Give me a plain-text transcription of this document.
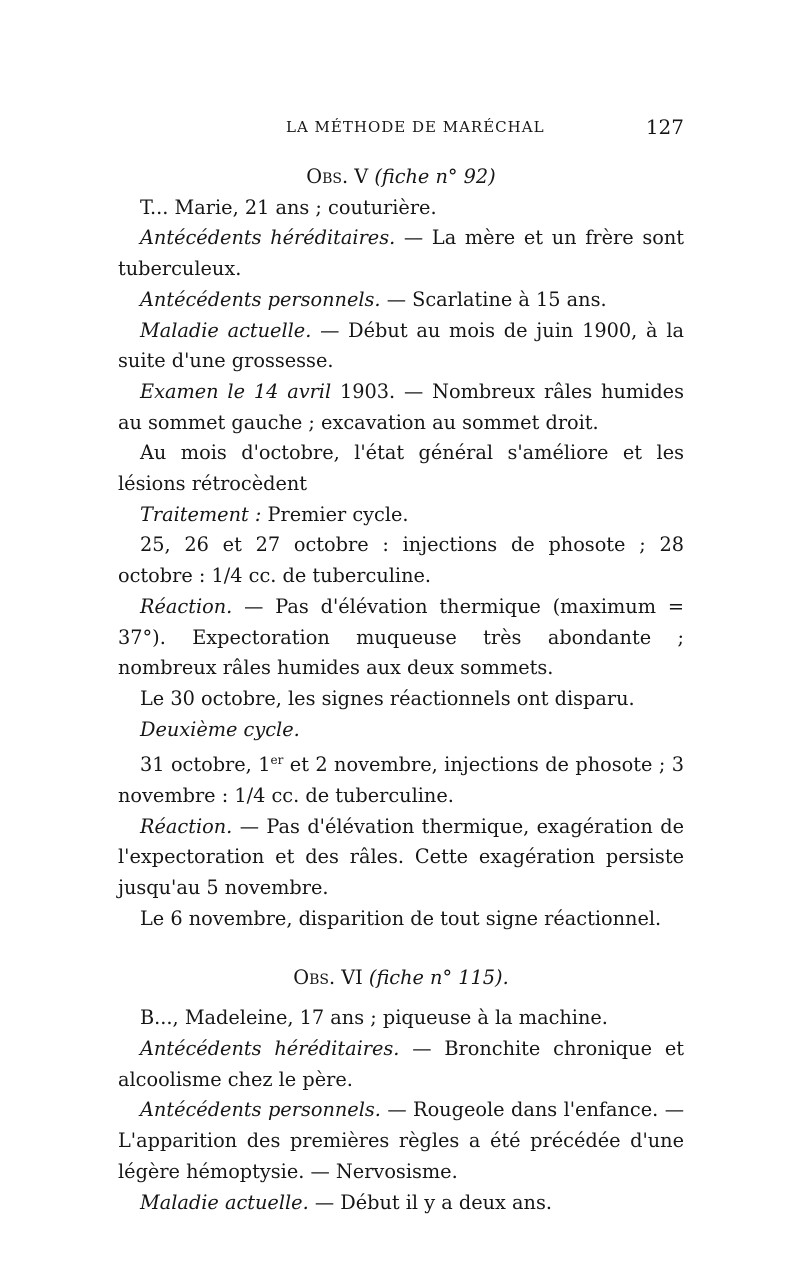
LA MÉTHODE DE MARÉCHAL	127

Obs. V (fiche n° 92)

T... Marie, 21 ans ; couturière.

Antécédents héréditaires. — La mère et un frère sont tuberculeux.

Antécédents personnels. — Scarlatine à 15 ans.

Maladie actuelle. — Début au mois de juin 1900, à la suite d'une grossesse.

Examen le 14 avril 1903. — Nombreux râles humides au sommet gauche ; excavation au sommet droit.

Au mois d'octobre, l'état général s'améliore et les lésions rétrocèdent

Traitement : Premier cycle.

25, 26 et 27 octobre : injections de phosote ; 28 octobre : 1/4 cc. de tuberculine.

Réaction. — Pas d'élévation thermique (maximum = 37°). Expectoration muqueuse très abondante ; nombreux râles humides aux deux sommets.

Le 30 octobre, les signes réactionnels ont disparu.

Deuxième cycle.

31 octobre, 1er et 2 novembre, injections de phosote ; 3 novembre : 1/4 cc. de tuberculine.

Réaction. — Pas d'élévation thermique, exagération de l'expectoration et des râles. Cette exagération persiste jusqu'au 5 novembre.

Le 6 novembre, disparition de tout signe réactionnel.

Obs. VI (fiche n° 115).

B..., Madeleine, 17 ans ; piqueuse à la machine.

Antécédents héréditaires. — Bronchite chronique et alcoolisme chez le père.

Antécédents personnels. — Rougeole dans l'enfance. — L'apparition des premières règles a été précédée d'une légère hémoptysie. — Nervosisme.

Maladie actuelle. — Début il y a deux ans.
